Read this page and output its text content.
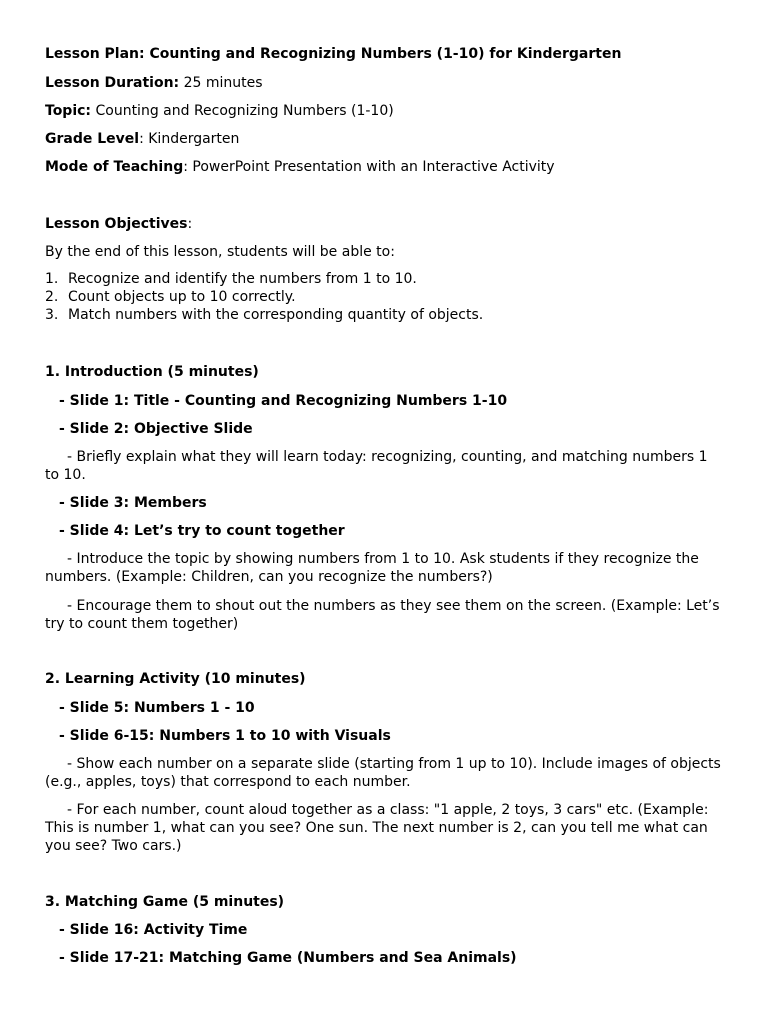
Lesson Plan: Counting and Recognizing Numbers (1-10) for Kindergarten

Lesson Duration: 25 minutes

Topic: Counting and Recognizing Numbers (1-10)

Grade Level: Kindergarten

Mode of Teaching: PowerPoint Presentation with an Interactive Activity

Lesson Objectives:

By the end of this lesson, students will be able to:

1. Recognize and identify the numbers from 1 to 10.
2. Count objects up to 10 correctly.
3. Match numbers with the corresponding quantity of objects.

1. Introduction (5 minutes)

- Slide 1: Title - Counting and Recognizing Numbers 1-10

- Slide 2: Objective Slide

- Briefly explain what they will learn today: recognizing, counting, and matching numbers 1 to 10.

- Slide 3: Members

- Slide 4: Let’s try to count together

- Introduce the topic by showing numbers from 1 to 10. Ask students if they recognize the numbers. (Example: Children, can you recognize the numbers?)

- Encourage them to shout out the numbers as they see them on the screen. (Example: Let’s try to count them together)

2. Learning Activity (10 minutes)

- Slide 5: Numbers 1 - 10

- Slide 6-15: Numbers 1 to 10 with Visuals

- Show each number on a separate slide (starting from 1 up to 10). Include images of objects (e.g., apples, toys) that correspond to each number.

- For each number, count aloud together as a class: "1 apple, 2 toys, 3 cars" etc. (Example: This is number 1, what can you see? One sun. The next number is 2, can you tell me what can you see? Two cars.)

3. Matching Game (5 minutes)

- Slide 16: Activity Time

- Slide 17-21: Matching Game (Numbers and Sea Animals)
